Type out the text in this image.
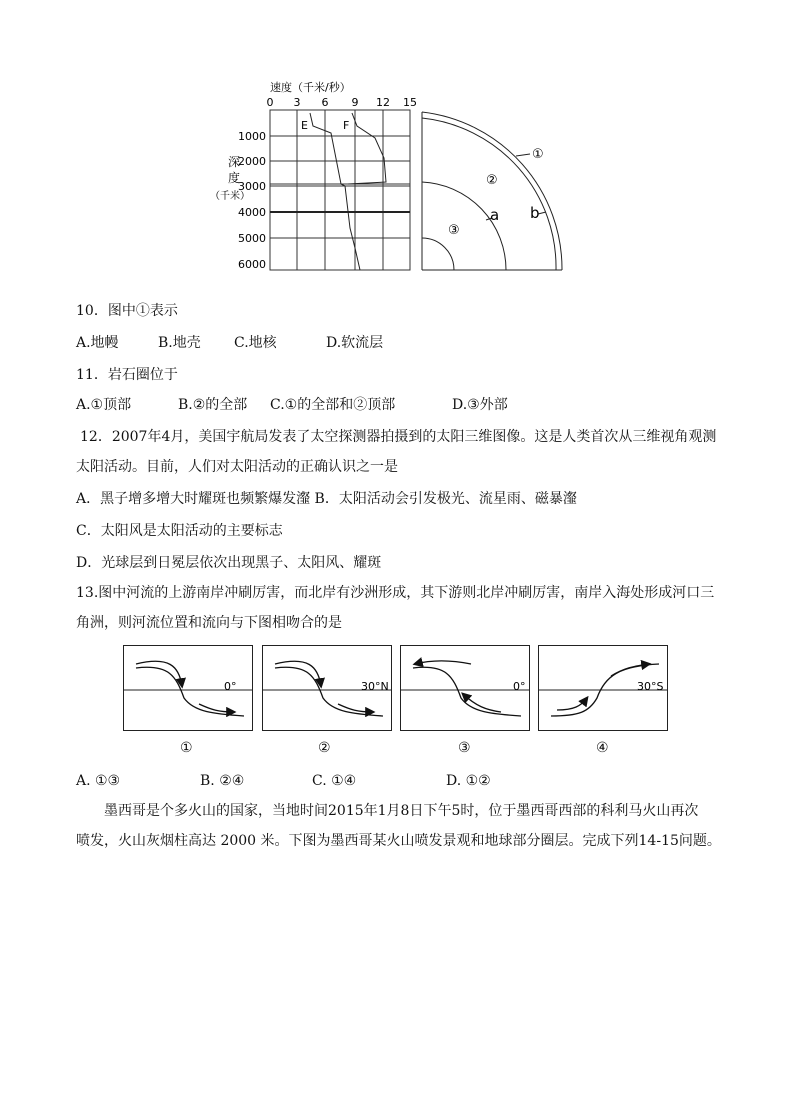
速度（千米/秒）
0 3 6 9 12 15
1000
2000
3000
4000
5000
6000
深
度
（千米）
E	F
①
②
③
a b
10．图中①表示
A.地幔	B.地壳 C.地核	D.软流层
11．岩石圈位于
A.①顶部	B.②的全部 C.①的全部和②顶部	D.③外部
12．2007年4月，美国宇航局发表了太空探测器拍摄到的太阳三维图像。这是人类首次从三维视角观测
太阳活动。目前，人们对太阳活动的正确认识之一是
A．黑子增多增大时耀斑也频繁爆发瀣 B．太阳活动会引发极光、流星雨、磁暴瀣
C．太阳风是太阳活动的主要标志
D．光球层到日冕层依次出现黑子、太阳风、耀斑
13.图中河流的上游南岸冲刷厉害，而北岸有沙洲形成，其下游则北岸冲刷厉害，南岸入海处形成河口三
角洲，则河流位置和流向与下图相吻合的是
0°
①
30°N
②
0°
③
30°S
④
A. ①③	B. ②④	C. ①④	D. ①②
墨西哥是个多火山的国家，当地时间2015年1月8日下午5时，位于墨西哥西部的科利马火山再次
喷发，火山灰烟柱高达 2000 米。下图为墨西哥某火山喷发景观和地球部分圈层。完成下列14-15问题。
